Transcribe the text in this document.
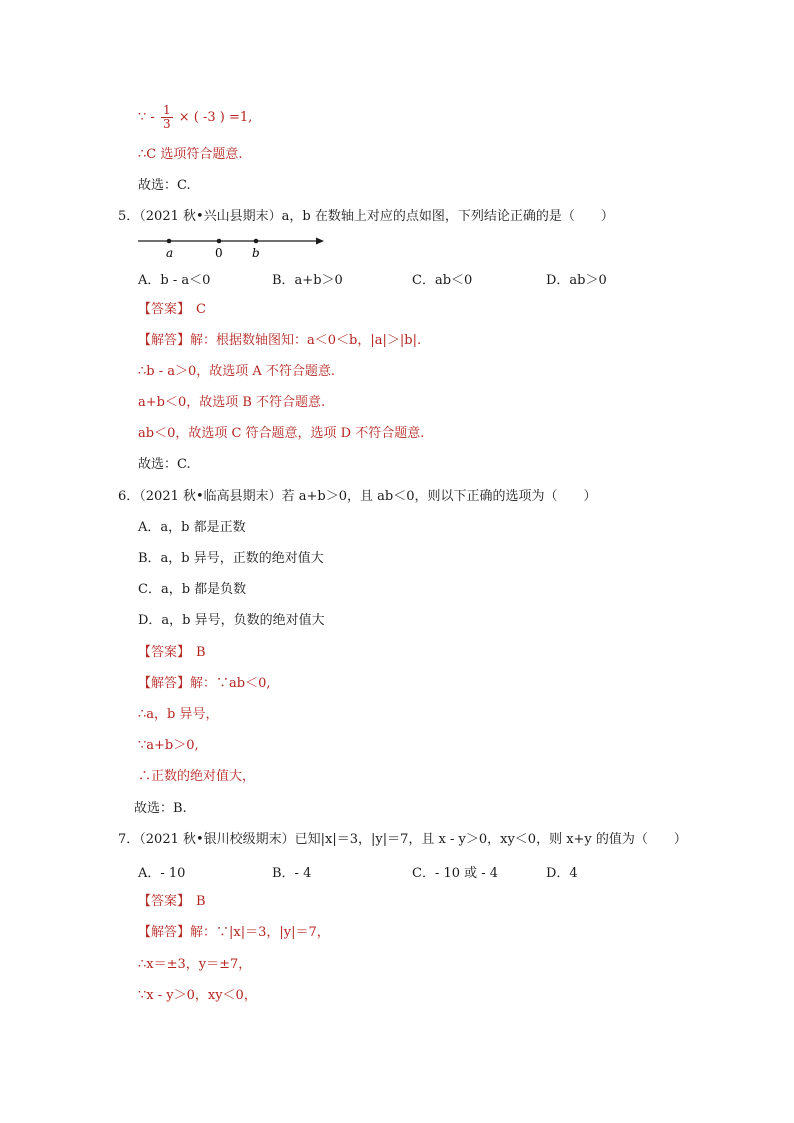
∵ - $\frac{1}{3}$ × ( -3 ) =1,
∴C 选项符合题意.
故选：C.
5．（2021 秋•兴山县期末）a，b 在数轴上对应的点如图，下列结论正确的是（　　）
a	0 b
A．b - a＜0	B．a+b＞0	C．ab＜0	D．ab＞0
【答案】 C
【解答】解：根据数轴图知：a＜0＜b，|a|＞|b|.
∴b - a＞0，故选项 A 不符合题意.
a+b＜0，故选项 B 不符合题意.
ab＜0，故选项 C 符合题意，选项 D 不符合题意.
故选：C.
6．（2021 秋•临高县期末）若 a+b＞0，且 ab＜0，则以下正确的选项为（　　）
A．a，b 都是正数
B．a，b 异号，正数的绝对值大
C．a，b 都是负数
D．a，b 异号，负数的绝对值大
【答案】 B
【解答】解：∵ab＜0,
∴a，b 异号，
∵a+b＞0,
∴正数的绝对值大，
故选：B.
7．（2021 秋•银川校级期末）已知|x|＝3，|y|＝7，且 x - y＞0，xy＜0，则 x+y 的值为（　　）
A．- 10	B．- 4	C．- 10 或 - 4	D．4
【答案】 B
【解答】解：∵|x|＝3，|y|＝7，
∴x＝±3，y＝±7，
∵x - y＞0，xy＜0，
